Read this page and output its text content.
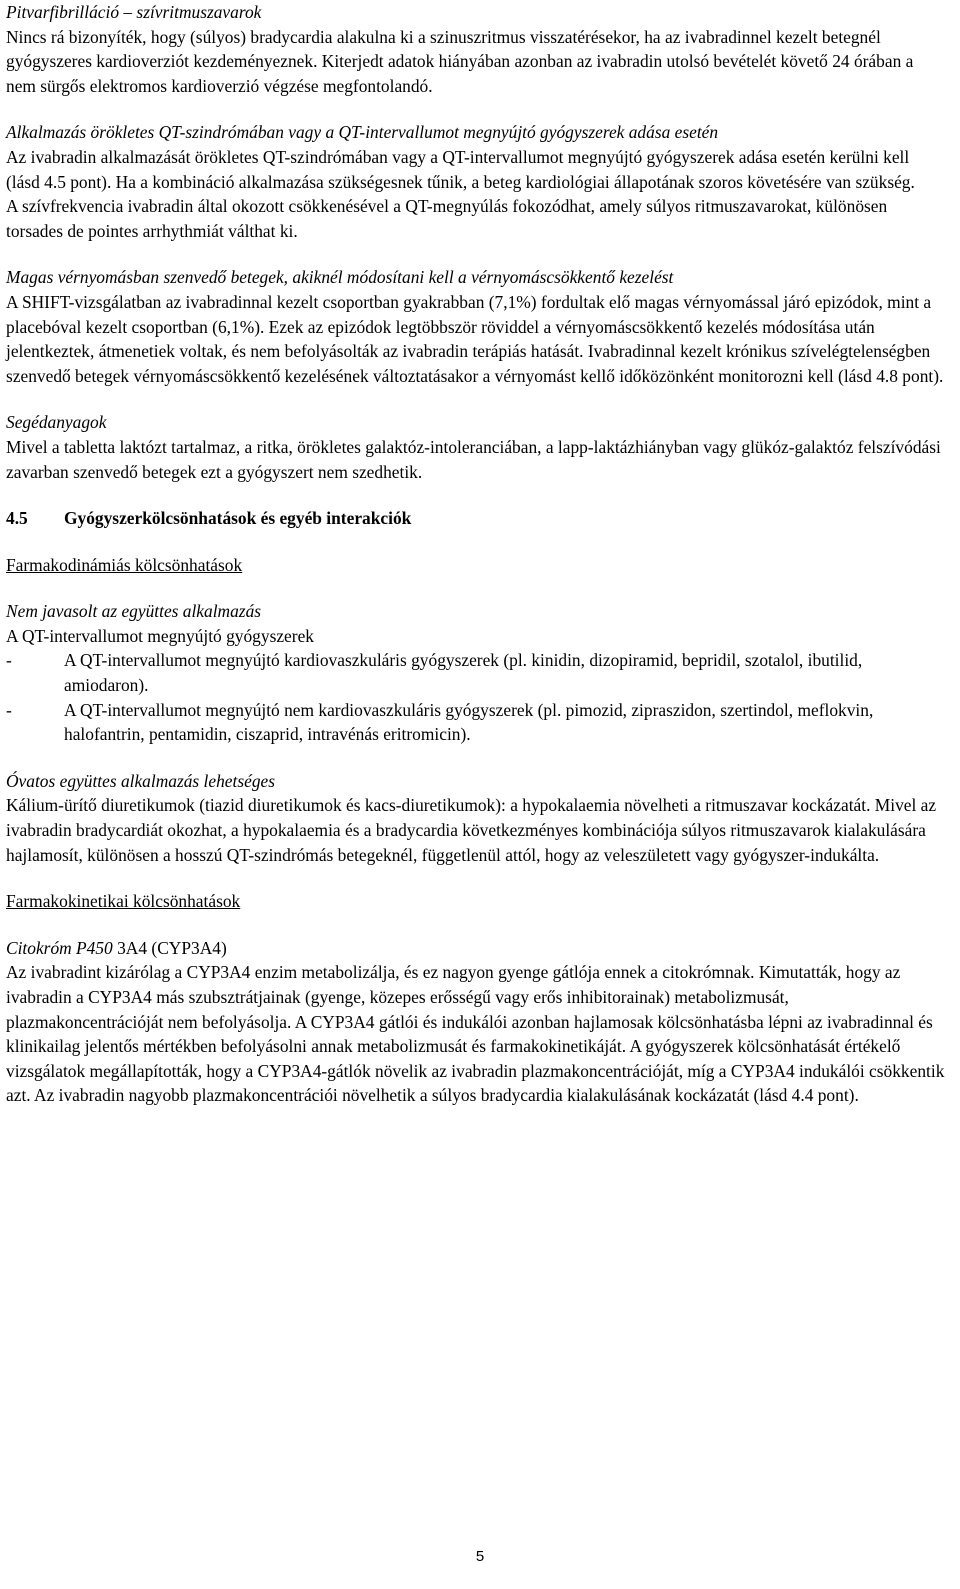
Pitvarfibrilláció – szívritmuszavarok

Nincs rá bizonyíték, hogy (súlyos) bradycardia alakulna ki a szinuszritmus visszatérésekor, ha az ivabradinnel kezelt betegnél gyógyszeres kardioverziót kezdeményeznek. Kiterjedt adatok hiányában azonban az ivabradin utolsó bevételét követő 24 órában a nem sürgős elektromos kardioverzió végzése megfontolandó.

Alkalmazás örökletes QT-szindrómában vagy a QT-intervallumot megnyújtó gyógyszerek adása esetén

Az ivabradin alkalmazását örökletes QT-szindrómában vagy a QT-intervallumot megnyújtó gyógyszerek adása esetén kerülni kell (lásd 4.5 pont). Ha a kombináció alkalmazása szükségesnek tűnik, a beteg kardiológiai állapotának szoros követésére van szükség.

A szívfrekvencia ivabradin által okozott csökkenésével a QT-megnyúlás fokozódhat, amely súlyos ritmuszavarokat, különösen torsades de pointes arrhythmiát válthat ki.

Magas vérnyomásban szenvedő betegek, akiknél módosítani kell a vérnyomáscsökkentő kezelést

A SHIFT-vizsgálatban az ivabradinnal kezelt csoportban gyakrabban (7,1%) fordultak elő magas vérnyomással járó epizódok, mint a placebóval kezelt csoportban (6,1%). Ezek az epizódok legtöbbször röviddel a vérnyomáscsökkentő kezelés módosítása után jelentkeztek, átmenetiek voltak, és nem befolyásolták az ivabradin terápiás hatását. Ivabradinnal kezelt krónikus szívelégtelenségben szenvedő betegek vérnyomáscsökkentő kezelésének változtatásakor a vérnyomást kellő időközönként monitorozni kell (lásd 4.8 pont).

Segédanyagok

Mivel a tabletta laktózt tartalmaz, a ritka, örökletes galaktóz-intoleranciában, a lapp-laktázhiányban vagy glükóz-galaktóz felszívódási zavarban szenvedő betegek ezt a gyógyszert nem szedhetik.

4.5	Gyógyszerkölcsönhatások és egyéb interakciók

Farmakodinámiás kölcsönhatások

Nem javasolt az együttes alkalmazás

A QT-intervallumot megnyújtó gyógyszerek

-	A QT-intervallumot megnyújtó kardiovaszkuláris gyógyszerek (pl. kinidin, dizopiramid, bepridil, szotalol, ibutilid, amiodaron).
-	A QT-intervallumot megnyújtó nem kardiovaszkuláris gyógyszerek (pl. pimozid, zipraszidon, szertindol, meflokvin, halofantrin, pentamidin, ciszaprid, intravénás eritromicin).

Óvatos együttes alkalmazás lehetséges

Kálium-ürítő diuretikumok (tiazid diuretikumok és kacs-diuretikumok): a hypokalaemia növelheti a ritmuszavar kockázatát. Mivel az ivabradin bradycardiát okozhat, a hypokalaemia és a bradycardia következményes kombinációja súlyos ritmuszavarok kialakulására hajlamosít, különösen a hosszú QT-szindrómás betegeknél, függetlenül attól, hogy az veleszületett vagy gyógyszer-indukálta.

Farmakokinetikai kölcsönhatások

Citokróm P450 3A4 (CYP3A4)

Az ivabradint kizárólag a CYP3A4 enzim metabolizálja, és ez nagyon gyenge gátlója ennek a citokrómnak. Kimutatták, hogy az ivabradin a CYP3A4 más szubsztrátjainak (gyenge, közepes erősségű vagy erős inhibitorainak) metabolizmusát, plazmakoncentrációját nem befolyásolja. A CYP3A4 gátlói és indukálói azonban hajlamosak kölcsönhatásba lépni az ivabradinnal és klinikailag jelentős mértékben befolyásolni annak metabolizmusát és farmakokinetikáját. A gyógyszerek kölcsönhatását értékelő vizsgálatok megállapították, hogy a CYP3A4-gátlók növelik az ivabradin plazmakoncentrációját, míg a CYP3A4 indukálói csökkentik azt. Az ivabradin nagyobb plazmakoncentrációi növelhetik a súlyos bradycardia kialakulásának kockázatát (lásd 4.4 pont).

5
